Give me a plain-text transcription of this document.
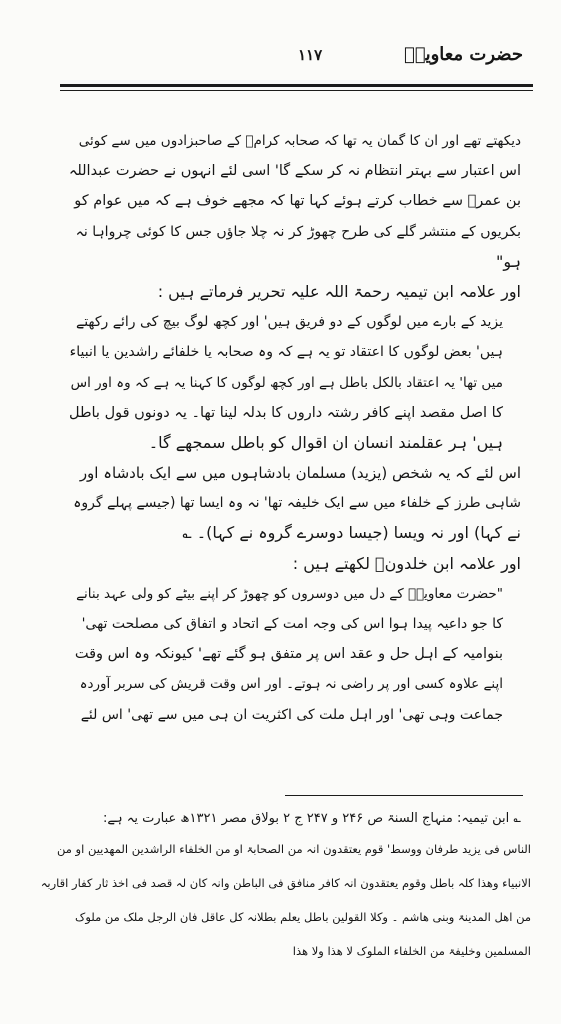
حضرت معاویہؓ
۱۱۷
دیکھتے تھے اور ان کا گمان یہ تھا کہ صحابہ کرامؓ کے صاحبزادوں میں سے کوئی
اس اعتبار سے بہتر انتظام نہ کر سکے گا' اسی لئے انہوں نے حضرت عبداللہ
بن عمرؓ سے خطاب کرتے ہوئے کہا تھا کہ مجھے خوف ہے کہ میں عوام کو
بکریوں کے منتشر گلے کی طرح چھوڑ کر نہ چلا جاؤں جس کا کوئی چرواہا نہ
ہو"
اور علامہ ابن تیمیہ رحمۃ اللہ علیہ تحریر فرماتے ہیں :
یزید کے بارے میں لوگوں کے دو فریق ہیں' اور کچھ لوگ بیچ کی رائے رکھتے
ہیں' بعض لوگوں کا اعتقاد تو یہ ہے کہ وہ صحابہ یا خلفائے راشدین یا انبیاء
میں تھا' یہ اعتقاد بالکل باطل ہے اور کچھ لوگوں کا کہنا یہ ہے کہ وہ اور اس
کا اصل مقصد اپنے کافر رشتہ داروں کا بدلہ لینا تھا۔ یہ دونوں قول باطل
ہیں' ہر عقلمند انسان ان اقوال کو باطل سمجھے گا۔
اس لئے کہ یہ شخص (یزید) مسلمان بادشاہوں میں سے ایک بادشاہ اور
شاہی طرز کے خلفاء میں سے ایک خلیفہ تھا' نہ وہ ایسا تھا (جیسے پہلے گروہ
نے کہا) اور نہ ویسا (جیسا دوسرے گروہ نے کہا)۔ ؎
اور علامہ ابن خلدونؒ لکھتے ہیں :
"حضرت معاویہؓ کے دل میں دوسروں کو چھوڑ کر اپنے بیٹے کو ولی عہد بنانے
کا جو داعیہ پیدا ہوا اس کی وجہ امت کے اتحاد و اتفاق کی مصلحت تھی'
بنوامیہ کے اہل حل و عقد اس پر متفق ہو گئے تھے' کیونکہ وہ اس وقت
اپنے علاوہ کسی اور پر راضی نہ ہوتے۔ اور اس وقت قریش کی سربر آوردہ
جماعت وہی تھی' اور اہل ملت کی اکثریت ان ہی میں سے تھی' اس لئے
؎ ابن تیمیہ: منہاج السنۃ ص ۲۴۶ و ۲۴۷ ج ۲ بولاق مصر ۱۳۲۱ھ عبارت یہ ہے:
الناس فی یزید طرفان ووسط' قوم یعتقدون انہ من الصحابۃ او من الخلفاء الراشدین المھدیین او من
الانبیاء وھذا کلہ باطل وقوم یعتقدون انہ کافر منافق فی الباطن وانہ کان لہ قصد فی اخذ ثار کفار اقاربہ
من اھل المدینۃ وبنی ھاشم ۔ وکلا القولین باطل یعلم بطلانہ کل عاقل فان الرجل ملک من ملوک
المسلمین وخلیفۃ من الخلفاء الملوک لا ھذا ولا ھذا
